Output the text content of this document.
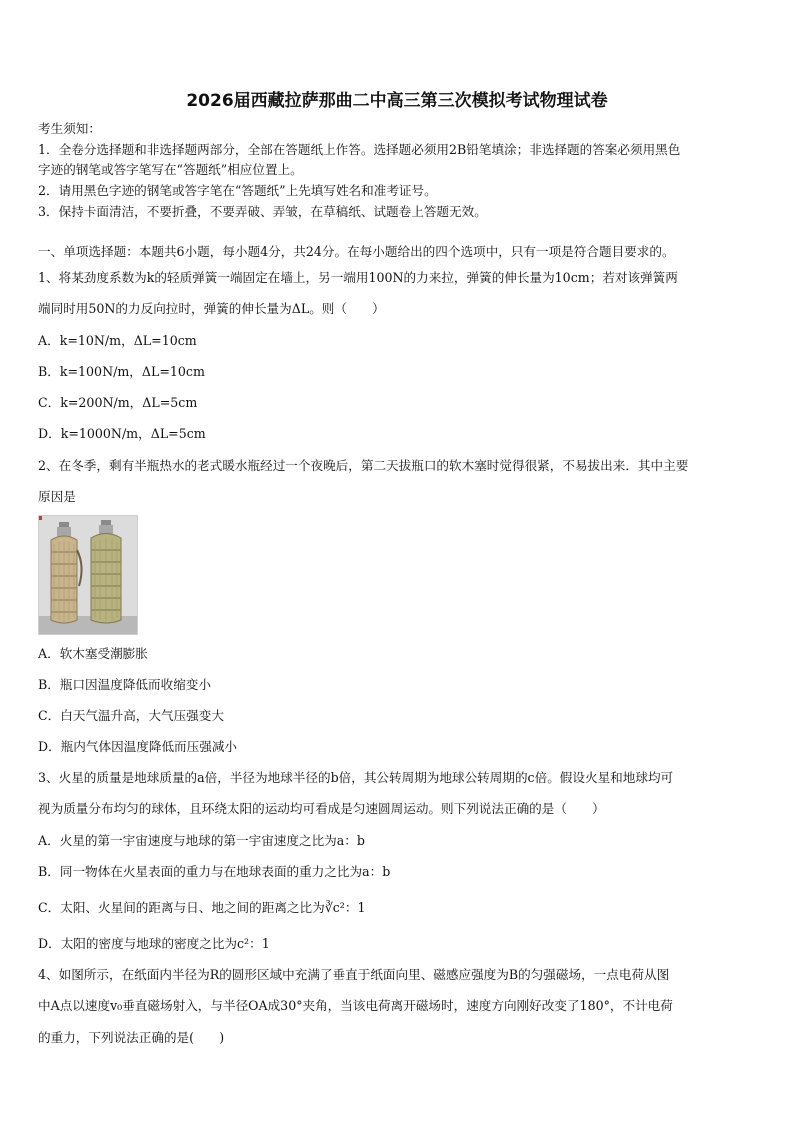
2026届西藏拉萨那曲二中高三第三次模拟考试物理试卷
考生须知：
1．全卷分选择题和非选择题两部分，全部在答题纸上作答。选择题必须用2B铅笔填涂；非选择题的答案必须用黑色
字迹的钢笔或答字笔写在“答题纸”相应位置上。
2．请用黑色字迹的钢笔或答字笔在“答题纸”上先填写姓名和准考证号。
3．保持卡面清洁，不要折叠，不要弄破、弄皱，在草稿纸、试题卷上答题无效。
一、单项选择题：本题共6小题，每小题4分，共24分。在每小题给出的四个选项中，只有一项是符合题目要求的。
1、将某劲度系数为k的轻质弹簧一端固定在墙上，另一端用100N的力来拉，弹簧的伸长量为10cm；若对该弹簧两
端同时用50N的力反向拉时，弹簧的伸长量为ΔL。则（　　）
A．k=10N/m，ΔL=10cm
B．k=100N/m，ΔL=10cm
C．k=200N/m，ΔL=5cm
D．k=1000N/m，ΔL=5cm
2、在冬季，剩有半瓶热水的老式暖水瓶经过一个夜晚后，第二天拔瓶口的软木塞时觉得很紧，不易拔出来．其中主要
原因是
A．软木塞受潮膨胀
B．瓶口因温度降低而收缩变小
C．白天气温升高，大气压强变大
D．瓶内气体因温度降低而压强减小
3、火星的质量是地球质量的a倍，半径为地球半径的b倍，其公转周期为地球公转周期的c倍。假设火星和地球均可
视为质量分布均匀的球体，且环绕太阳的运动均可看成是匀速圆周运动。则下列说法正确的是（　　）
A．火星的第一宇宙速度与地球的第一宇宙速度之比为a：b
B．同一物体在火星表面的重力与在地球表面的重力之比为a：b
C．太阳、火星间的距离与日、地之间的距离之比为∛c²：1
D．太阳的密度与地球的密度之比为c²：1
4、如图所示，在纸面内半径为R的圆形区域中充满了垂直于纸面向里、磁感应强度为B的匀强磁场，一点电荷从图
中A点以速度v₀垂直磁场射入，与半径OA成30°夹角，当该电荷离开磁场时，速度方向刚好改变了180°，不计电荷
的重力，下列说法正确的是(　　)
